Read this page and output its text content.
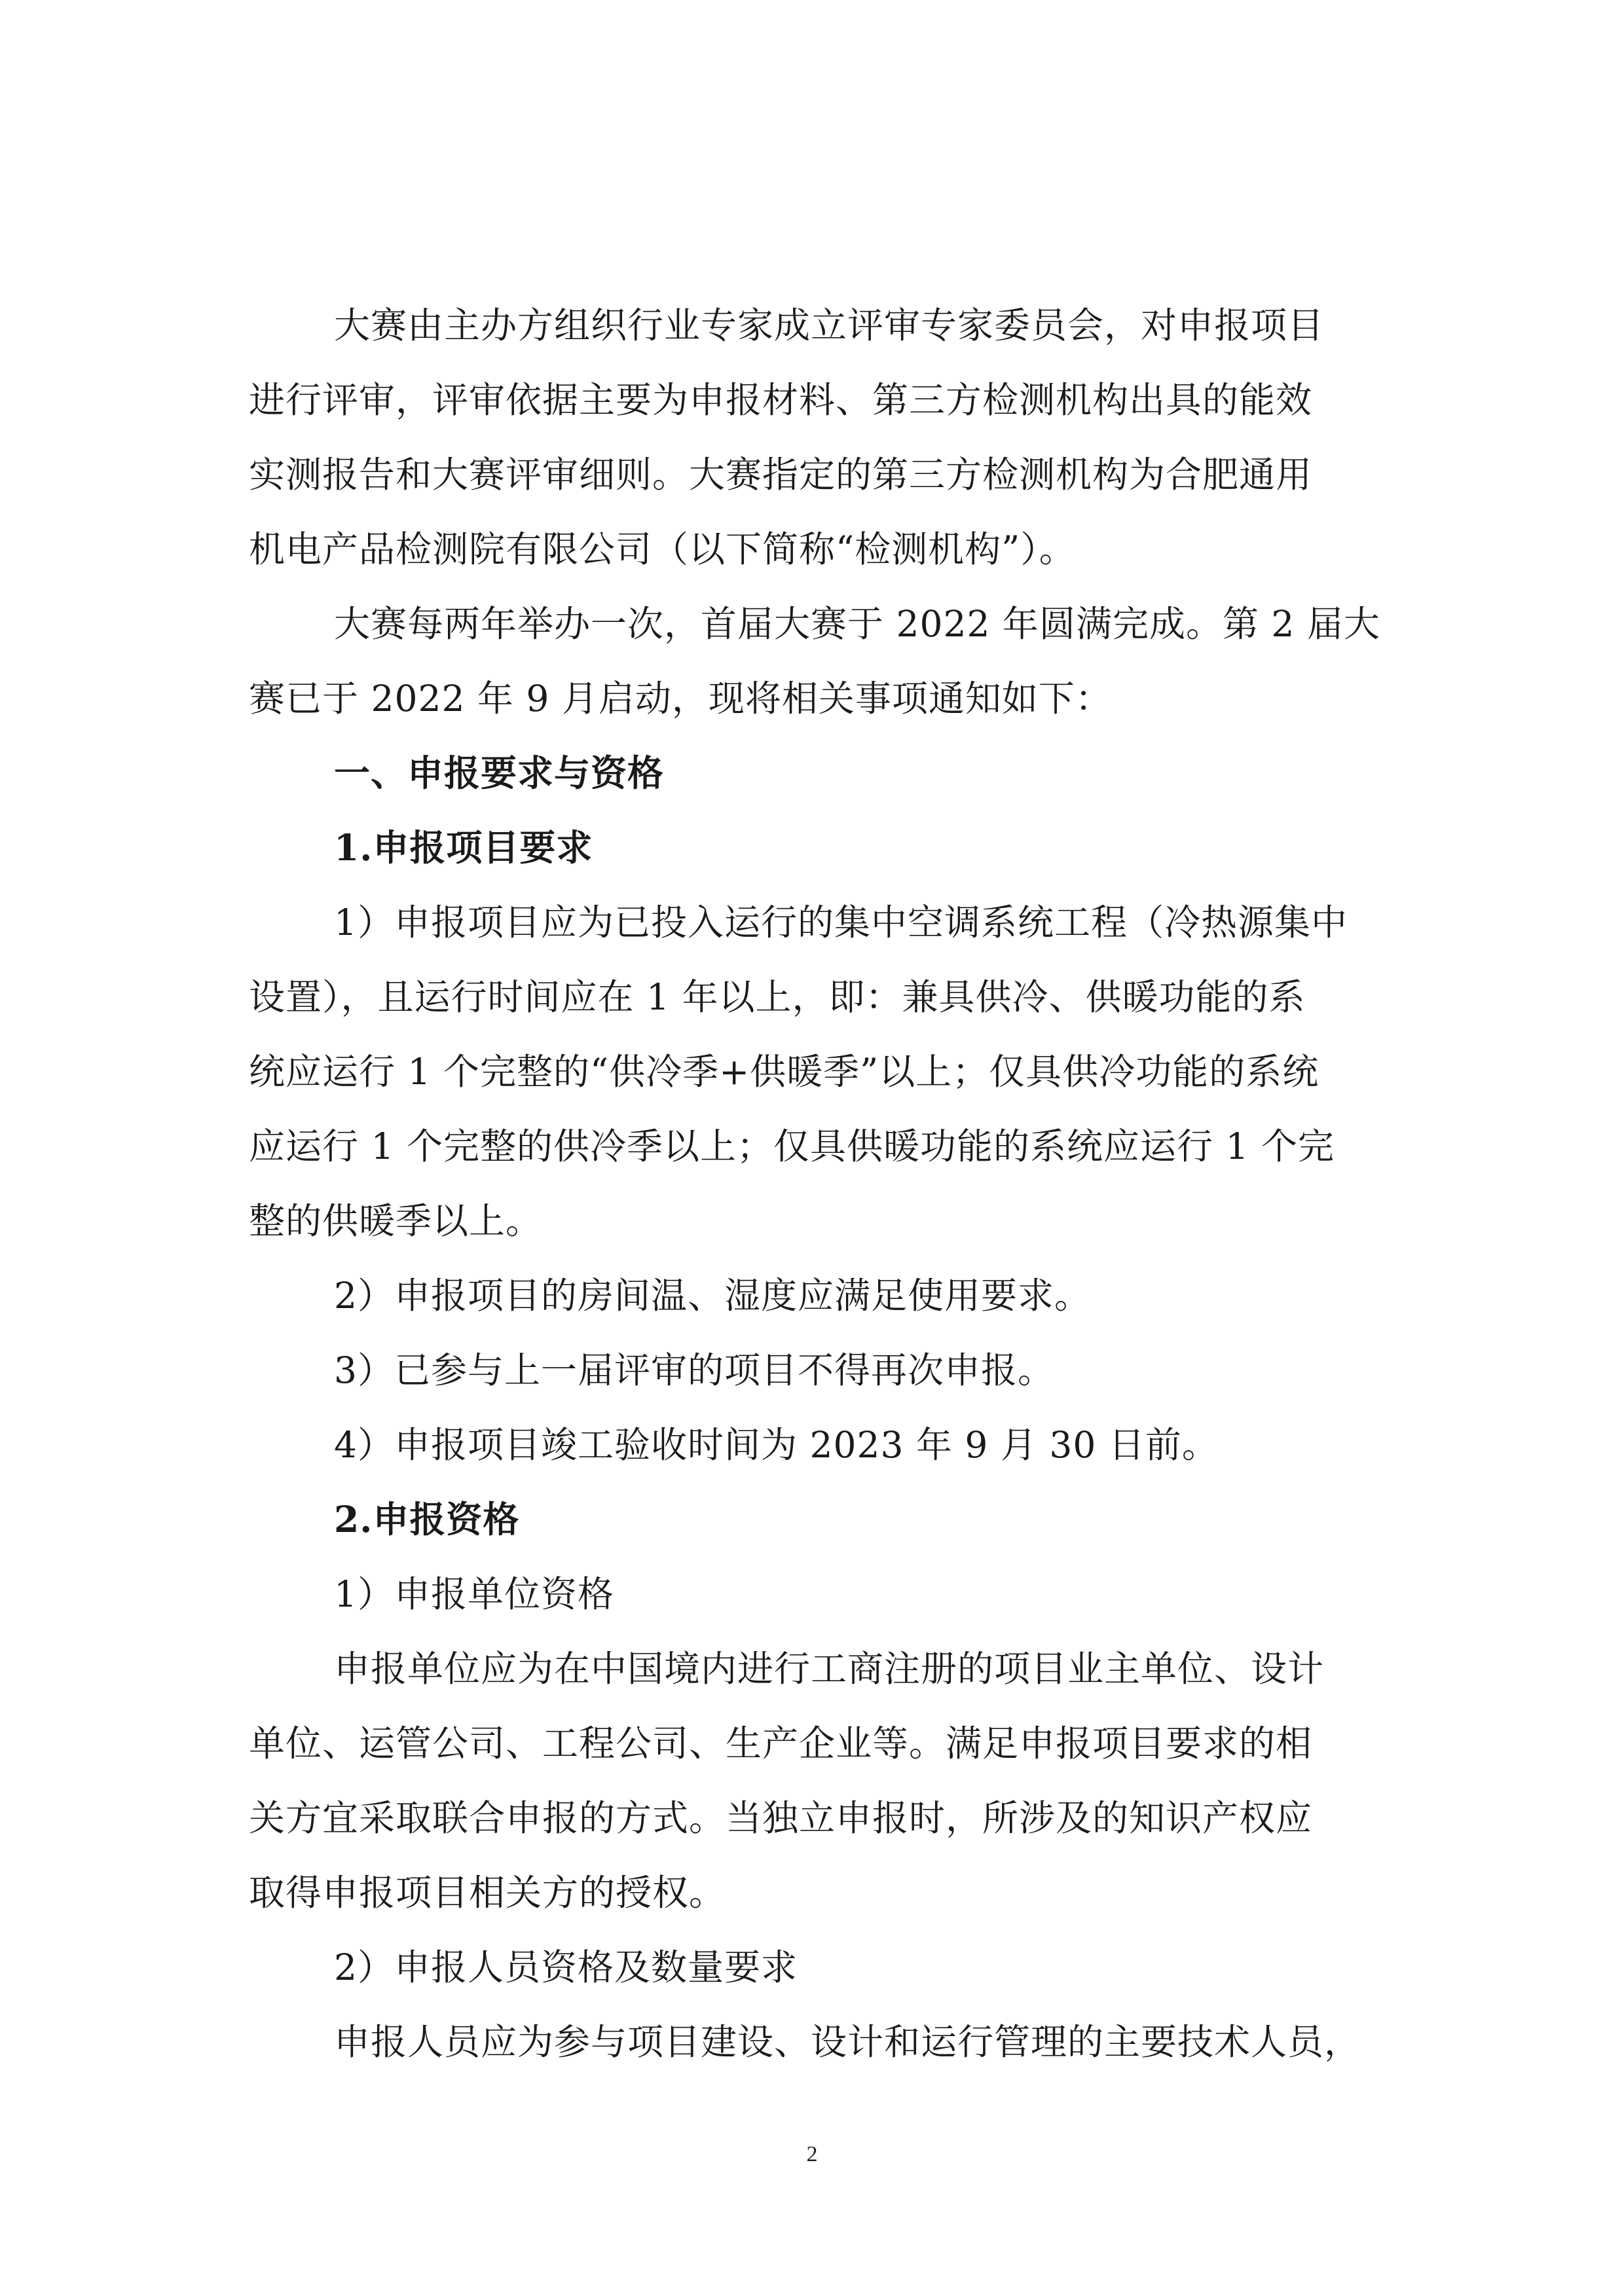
大赛由主办方组织行业专家成立评审专家委员会，对申报项目
进行评审，评审依据主要为申报材料、第三方检测机构出具的能效
实测报告和大赛评审细则。大赛指定的第三方检测机构为合肥通用
机电产品检测院有限公司（以下简称“检测机构”）。
大赛每两年举办一次，首届大赛于 2022 年圆满完成。第 2 届大
赛已于 2022 年 9 月启动，现将相关事项通知如下：
一、申报要求与资格
1.申报项目要求
1）申报项目应为已投入运行的集中空调系统工程（冷热源集中
设置），且运行时间应在 1 年以上，即：兼具供冷、供暖功能的系
统应运行 1 个完整的“供冷季+供暖季”以上；仅具供冷功能的系统
应运行 1 个完整的供冷季以上；仅具供暖功能的系统应运行 1 个完
整的供暖季以上。
2）申报项目的房间温、湿度应满足使用要求。
3）已参与上一届评审的项目不得再次申报。
4）申报项目竣工验收时间为 2023 年 9 月 30 日前。
2.申报资格
1）申报单位资格
申报单位应为在中国境内进行工商注册的项目业主单位、设计
单位、运管公司、工程公司、生产企业等。满足申报项目要求的相
关方宜采取联合申报的方式。当独立申报时，所涉及的知识产权应
取得申报项目相关方的授权。
2）申报人员资格及数量要求
申报人员应为参与项目建设、设计和运行管理的主要技术人员，
2
